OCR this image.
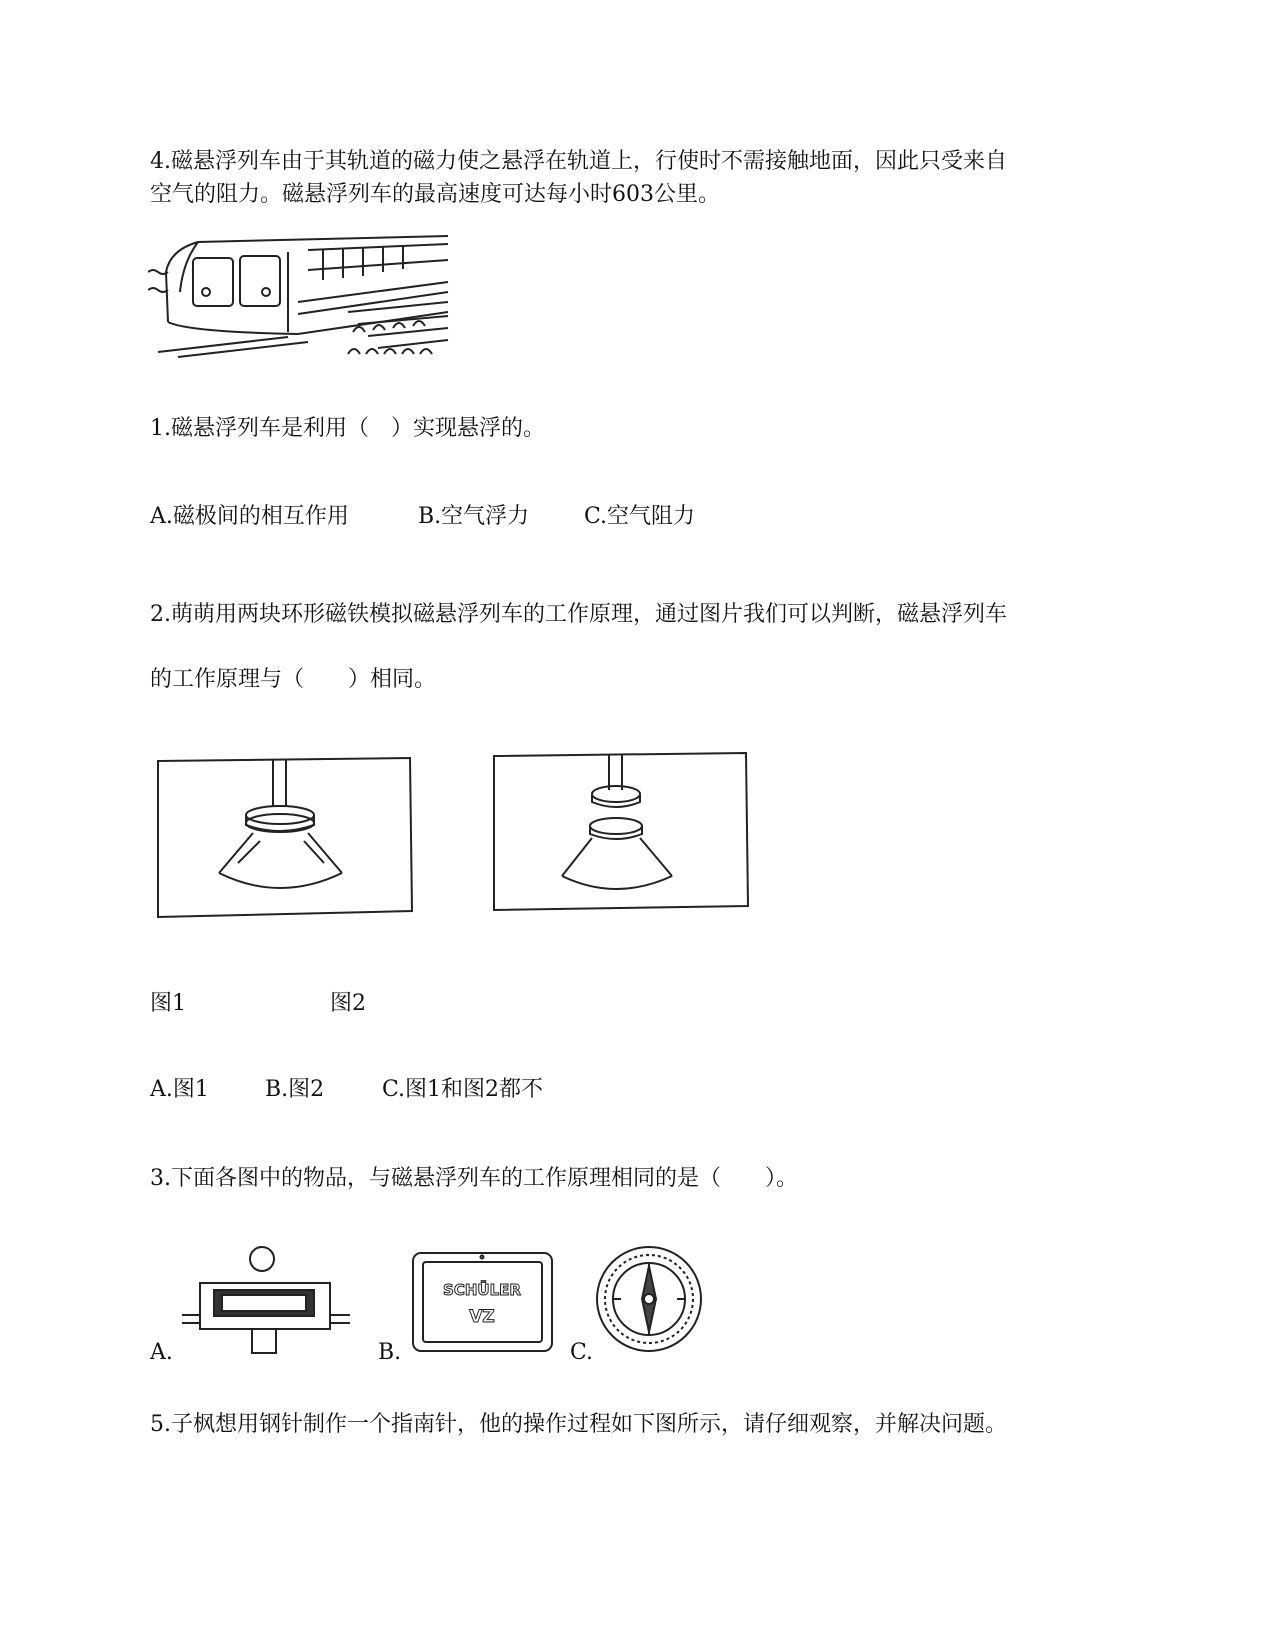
4.磁悬浮列车由于其轨道的磁力使之悬浮在轨道上，行使时不需接触地面，因此只受来自
空气的阻力。磁悬浮列车的最高速度可达每小时603公里。
1.磁悬浮列车是利用（　）实现悬浮的。
A.磁极间的相互作用	B.空气浮力 C.空气阻力
2.萌萌用两块环形磁铁模拟磁悬浮列车的工作原理，通过图片我们可以判断，磁悬浮列车
的工作原理与（　　）相同。
图1	图2
A.图1	B.图2	C.图1和图2都不
3.下面各图中的物品，与磁悬浮列车的工作原理相同的是（　　）。
A.
SCHÜLER
VZ
B.	C.
5.子枫想用钢针制作一个指南针，他的操作过程如下图所示，请仔细观察，并解决问题。
